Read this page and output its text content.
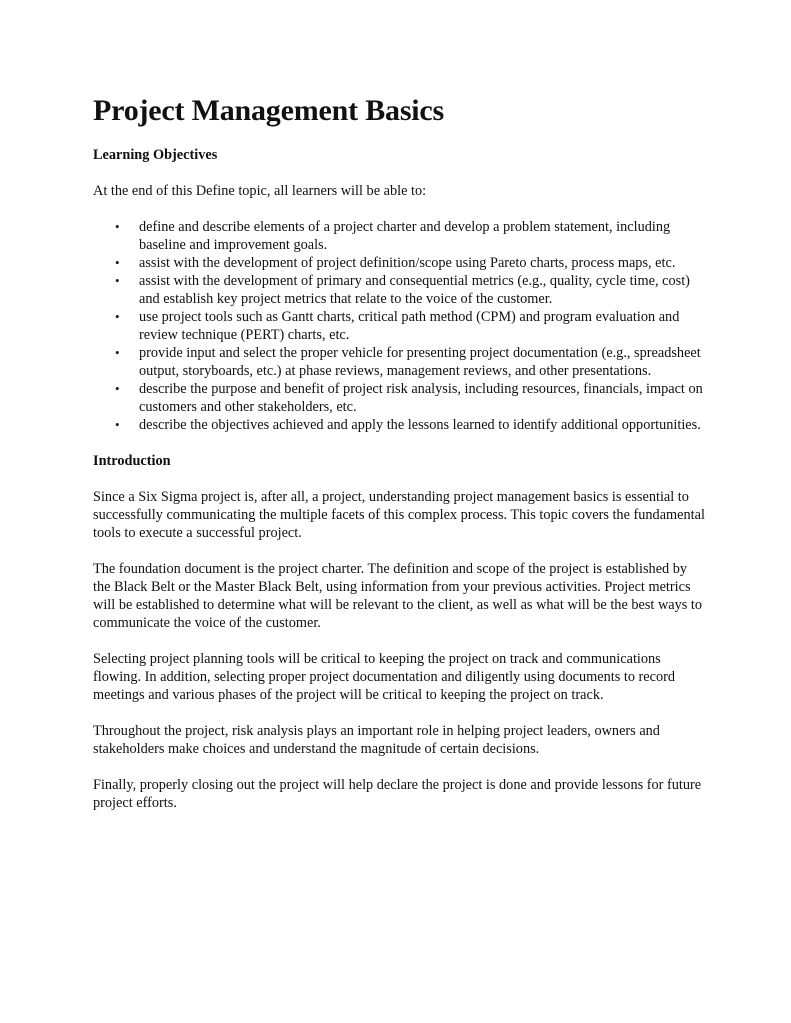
Project Management Basics
Learning Objectives

At the end of this Define topic, all learners will be able to:

• define and describe elements of a project charter and develop a problem statement, including baseline and improvement goals.
• assist with the development of project definition/scope using Pareto charts, process maps, etc.
• assist with the development of primary and consequential metrics (e.g., quality, cycle time, cost) and establish key project metrics that relate to the voice of the customer.
• use project tools such as Gantt charts, critical path method (CPM) and program evaluation and review technique (PERT) charts, etc.
• provide input and select the proper vehicle for presenting project documentation (e.g., spreadsheet output, storyboards, etc.) at phase reviews, management reviews, and other presentations.
• describe the purpose and benefit of project risk analysis, including resources, financials, impact on customers and other stakeholders, etc.
• describe the objectives achieved and apply the lessons learned to identify additional opportunities.
Introduction

Since a Six Sigma project is, after all, a project, understanding project management basics is essential to successfully communicating the multiple facets of this complex process. This topic covers the fundamental tools to execute a successful project.

The foundation document is the project charter. The definition and scope of the project is established by the Black Belt or the Master Black Belt, using information from your previous activities. Project metrics will be established to determine what will be relevant to the client, as well as what will be the best ways to communicate the voice of the customer.

Selecting project planning tools will be critical to keeping the project on track and communications flowing. In addition, selecting proper project documentation and diligently using documents to record meetings and various phases of the project will be critical to keeping the project on track.

Throughout the project, risk analysis plays an important role in helping project leaders, owners and stakeholders make choices and understand the magnitude of certain decisions.

Finally, properly closing out the project will help declare the project is done and provide lessons for future project efforts.
